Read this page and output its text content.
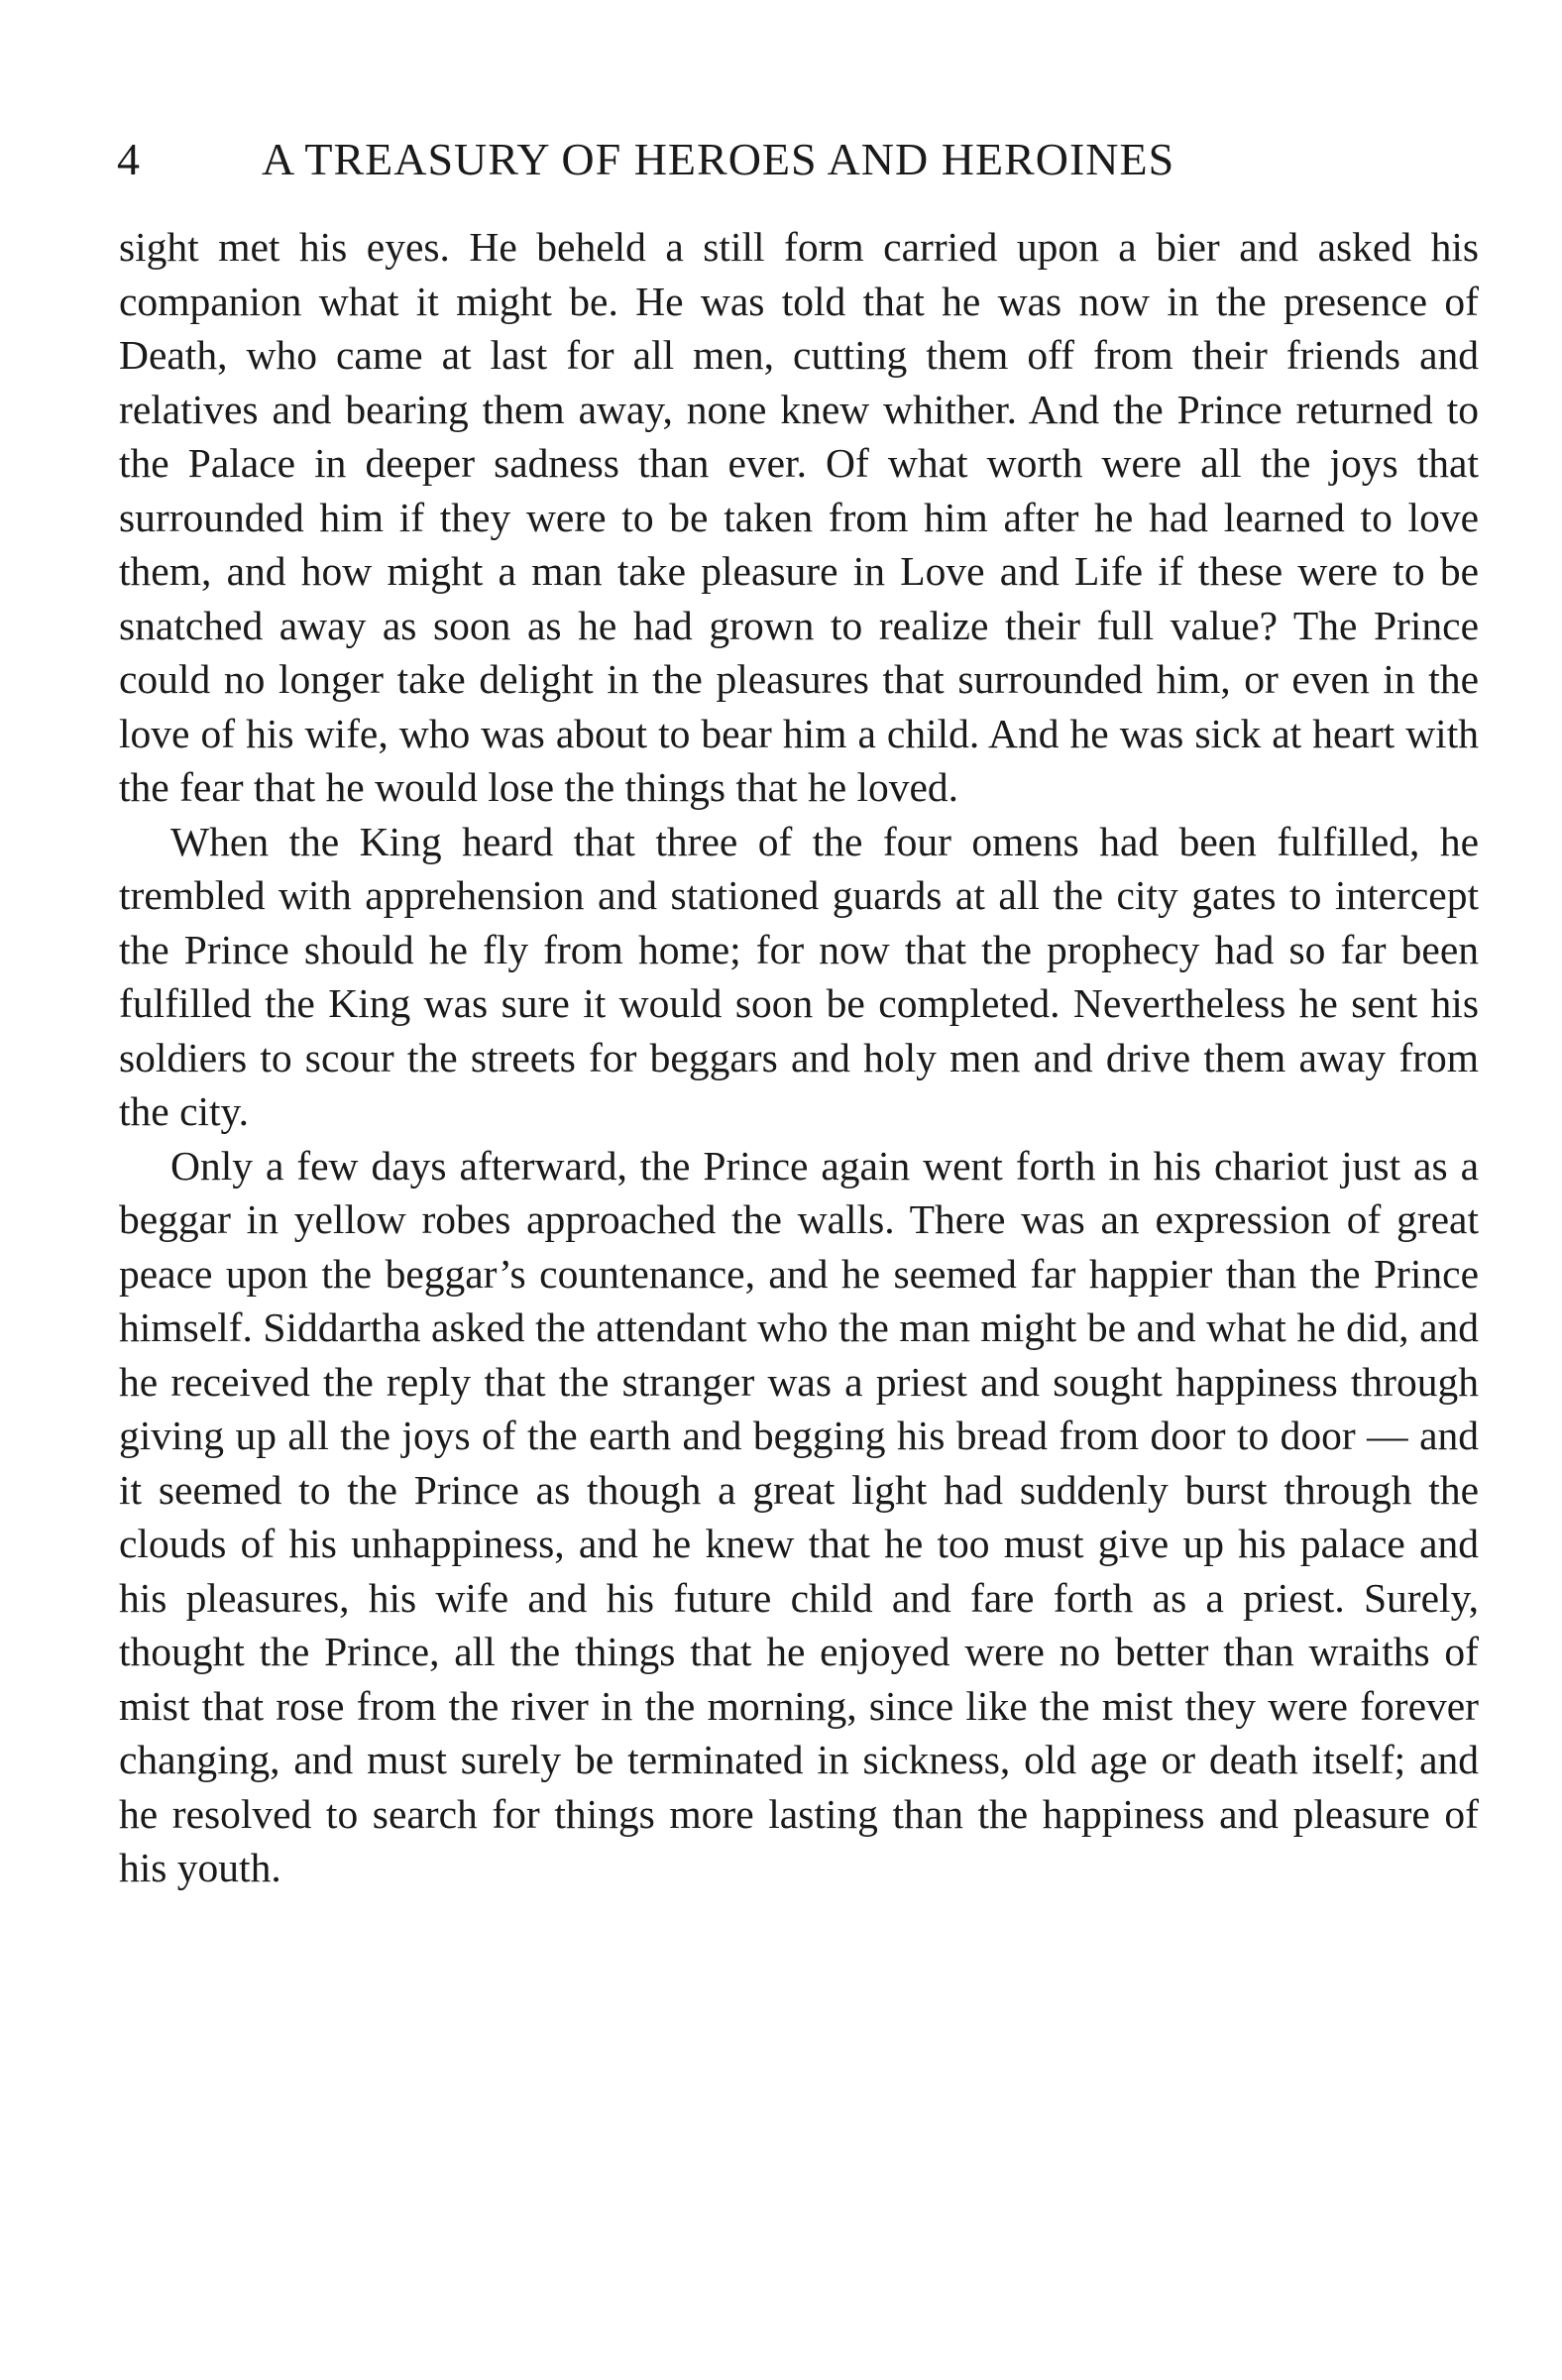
4	A TREASURY OF HEROES AND HEROINES

sight met his eyes. He beheld a still form carried upon a bier and asked his companion what it might be. He was told that he was now in the presence of Death, who came at last for all men, cutting them off from their friends and relatives and bearing them away, none knew whither. And the Prince returned to the Palace in deeper sadness than ever. Of what worth were all the joys that surrounded him if they were to be taken from him after he had learned to love them, and how might a man take pleasure in Love and Life if these were to be snatched away as soon as he had grown to realize their full value? The Prince could no longer take delight in the pleasures that surrounded him, or even in the love of his wife, who was about to bear him a child. And he was sick at heart with the fear that he would lose the things that he loved.

When the King heard that three of the four omens had been fulfilled, he trembled with apprehension and stationed guards at all the city gates to intercept the Prince should he fly from home; for now that the prophecy had so far been fulfilled the King was sure it would soon be completed. Nevertheless he sent his soldiers to scour the streets for beggars and holy men and drive them away from the city.

Only a few days afterward, the Prince again went forth in his chariot just as a beggar in yellow robes approached the walls. There was an expression of great peace upon the beggar’s countenance, and he seemed far happier than the Prince himself. Siddartha asked the attendant who the man might be and what he did, and he received the reply that the stranger was a priest and sought happiness through giving up all the joys of the earth and begging his bread from door to door — and it seemed to the Prince as though a great light had suddenly burst through the clouds of his unhappiness, and he knew that he too must give up his palace and his pleasures, his wife and his future child and fare forth as a priest. Surely, thought the Prince, all the things that he enjoyed were no better than wraiths of mist that rose from the river in the morning, since like the mist they were forever changing, and must surely be terminated in sickness, old age or death itself; and he resolved to search for things more lasting than the happiness and pleasure of his youth.
